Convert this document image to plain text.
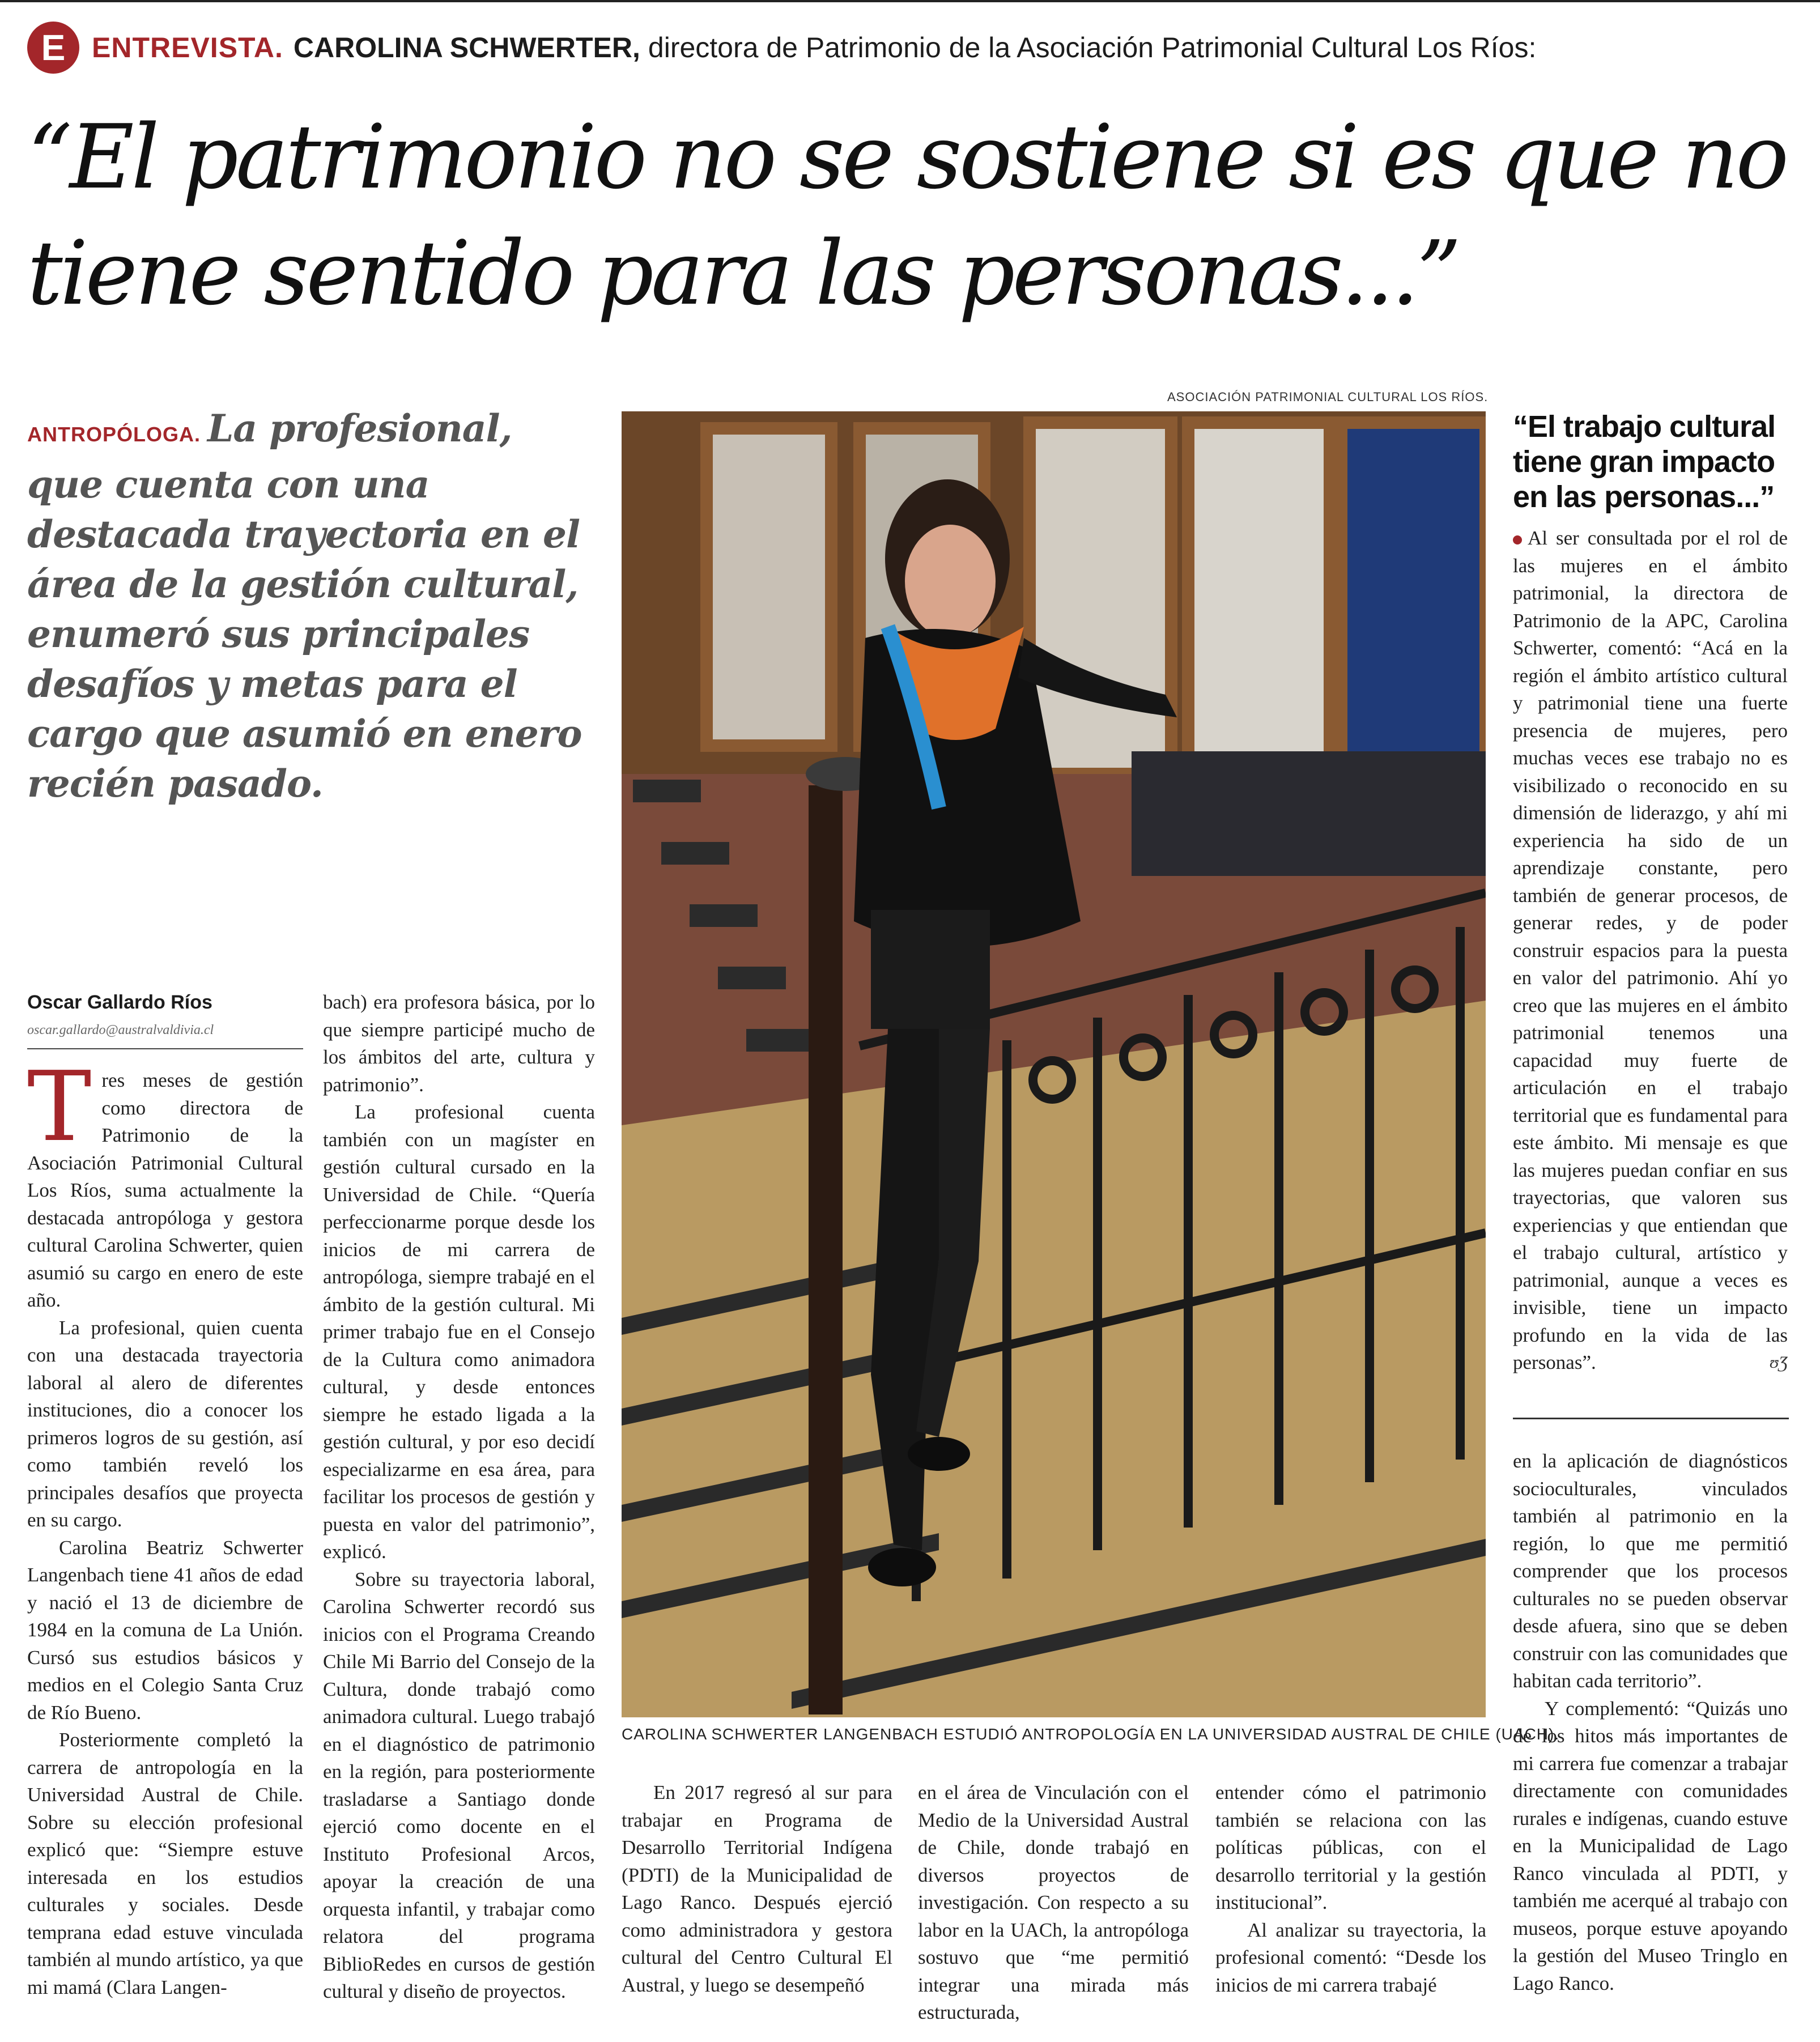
E ENTREVISTA. CAROLINA SCHWERTER, directora de Patrimonio de la Asociación Patrimonial Cultural Los Ríos:
“El patrimonio no se sostiene si es que no tiene sentido para las personas...”

ANTROPÓLOGA. La profesional, que cuenta con una destacada trayectoria en el área de la gestión cultural, enumeró sus principales desafíos y metas para el cargo que asumió en enero recién pasado.

Oscar Gallardo Ríos
oscar.gallardo@australvaldivia.cl

Tres meses de gestión como directora de Patrimonio de la Asociación Patrimonial Cultural Los Ríos, suma actualmente la destacada antropóloga y gestora cultural Carolina Schwerter, quien asumió su cargo en enero de este año.

La profesional, quien cuenta con una destacada trayectoria laboral al alero de diferentes instituciones, dio a conocer los primeros logros de su gestión, así como también reveló los principales desafíos que proyecta en su cargo.

Carolina Beatriz Schwerter Langenbach tiene 41 años de edad y nació el 13 de diciembre de 1984 en la comuna de La Unión. Cursó sus estudios básicos y medios en el Colegio Santa Cruz de Río Bueno.

Posteriormente completó la carrera de antropología en la Universidad Austral de Chile. Sobre su elección profesional explicó que: “Siempre estuve interesada en los estudios culturales y sociales. Desde temprana edad estuve vinculada también al mundo artístico, ya que mi mamá (Clara Langen-

bach) era profesora básica, por lo que siempre participé mucho de los ámbitos del arte, cultura y patrimonio”.

La profesional cuenta también con un magíster en gestión cultural cursado en la Universidad de Chile. “Quería perfeccionarme porque desde los inicios de mi carrera de antropóloga, siempre trabajé en el ámbito de la gestión cultural. Mi primer trabajo fue en el Consejo de la Cultura como animadora cultural, y desde entonces siempre he estado ligada a la gestión cultural, y por eso decidí especializarme en esa área, para facilitar los procesos de gestión y puesta en valor del patrimonio”, explicó.

Sobre su trayectoria laboral, Carolina Schwerter recordó sus inicios con el Programa Creando Chile Mi Barrio del Consejo de la Cultura, donde trabajó como animadora cultural. Luego trabajó en el diagnóstico de patrimonio en la región, para posteriormente trasladarse a Santiago donde ejerció como docente en el Instituto Profesional Arcos, apoyar la creación de una orquesta infantil, y trabajar como relatora del programa BiblioRedes en cursos de gestión cultural y diseño de proyectos.

ASOCIACIÓN PATRIMONIAL CULTURAL LOS RÍOS.
CAROLINA SCHWERTER LANGENBACH ESTUDIÓ ANTROPOLOGÍA EN LA UNIVERSIDAD AUSTRAL DE CHILE (UACH).

En 2017 regresó al sur para trabajar en Programa de Desarrollo Territorial Indígena (PDTI) de la Municipalidad de Lago Ranco. Después ejerció como administradora y gestora cultural del Centro Cultural El Austral, y luego se desempeñó

en el área de Vinculación con el Medio de la Universidad Austral de Chile, donde trabajó en diversos proyectos de investigación. Con respecto a su labor en la UACh, la antropóloga sostuvo que “me permitió integrar una mirada más estructurada,

entender cómo el patrimonio también se relaciona con las políticas públicas, con el desarrollo territorial y la gestión institucional”.

Al analizar su trayectoria, la profesional comentó: “Desde los inicios de mi carrera trabajé

“El trabajo cultural tiene gran impacto en las personas...”

Al ser consultada por el rol de las mujeres en el ámbito patrimonial, la directora de Patrimonio de la APC, Carolina Schwerter, comentó: “Acá en la región el ámbito artístico cultural y patrimonial tiene una fuerte presencia de mujeres, pero muchas veces ese trabajo no es visibilizado o reconocido en su dimensión de liderazgo, y ahí mi experiencia ha sido de un aprendizaje constante, pero también de generar procesos, de generar redes, y de poder construir espacios para la puesta en valor del patrimonio. Ahí yo creo que las mujeres en el ámbito patrimonial tenemos una capacidad muy fuerte de articulación en el trabajo territorial que es fundamental para este ámbito. Mi mensaje es que las mujeres puedan confiar en sus trayectorias, que valoren sus experiencias y que entiendan que el trabajo cultural, artístico y patrimonial, aunque a veces es invisible, tiene un impacto profundo en la vida de las personas”.	ʊƷ

en la aplicación de diagnósticos socioculturales, vinculados también al patrimonio en la región, lo que me permitió comprender que los procesos culturales no se pueden observar desde afuera, sino que se deben construir con las comunidades que habitan cada territorio”.

Y complementó: “Quizás uno de los hitos más importantes de mi carrera fue comenzar a trabajar directamente con comunidades rurales e indígenas, cuando estuve en la Municipalidad de Lago Ranco vinculada al PDTI, y también me acerqué al trabajo con museos, porque estuve apoyando la gestión del Museo Tringlo en Lago Ranco.
